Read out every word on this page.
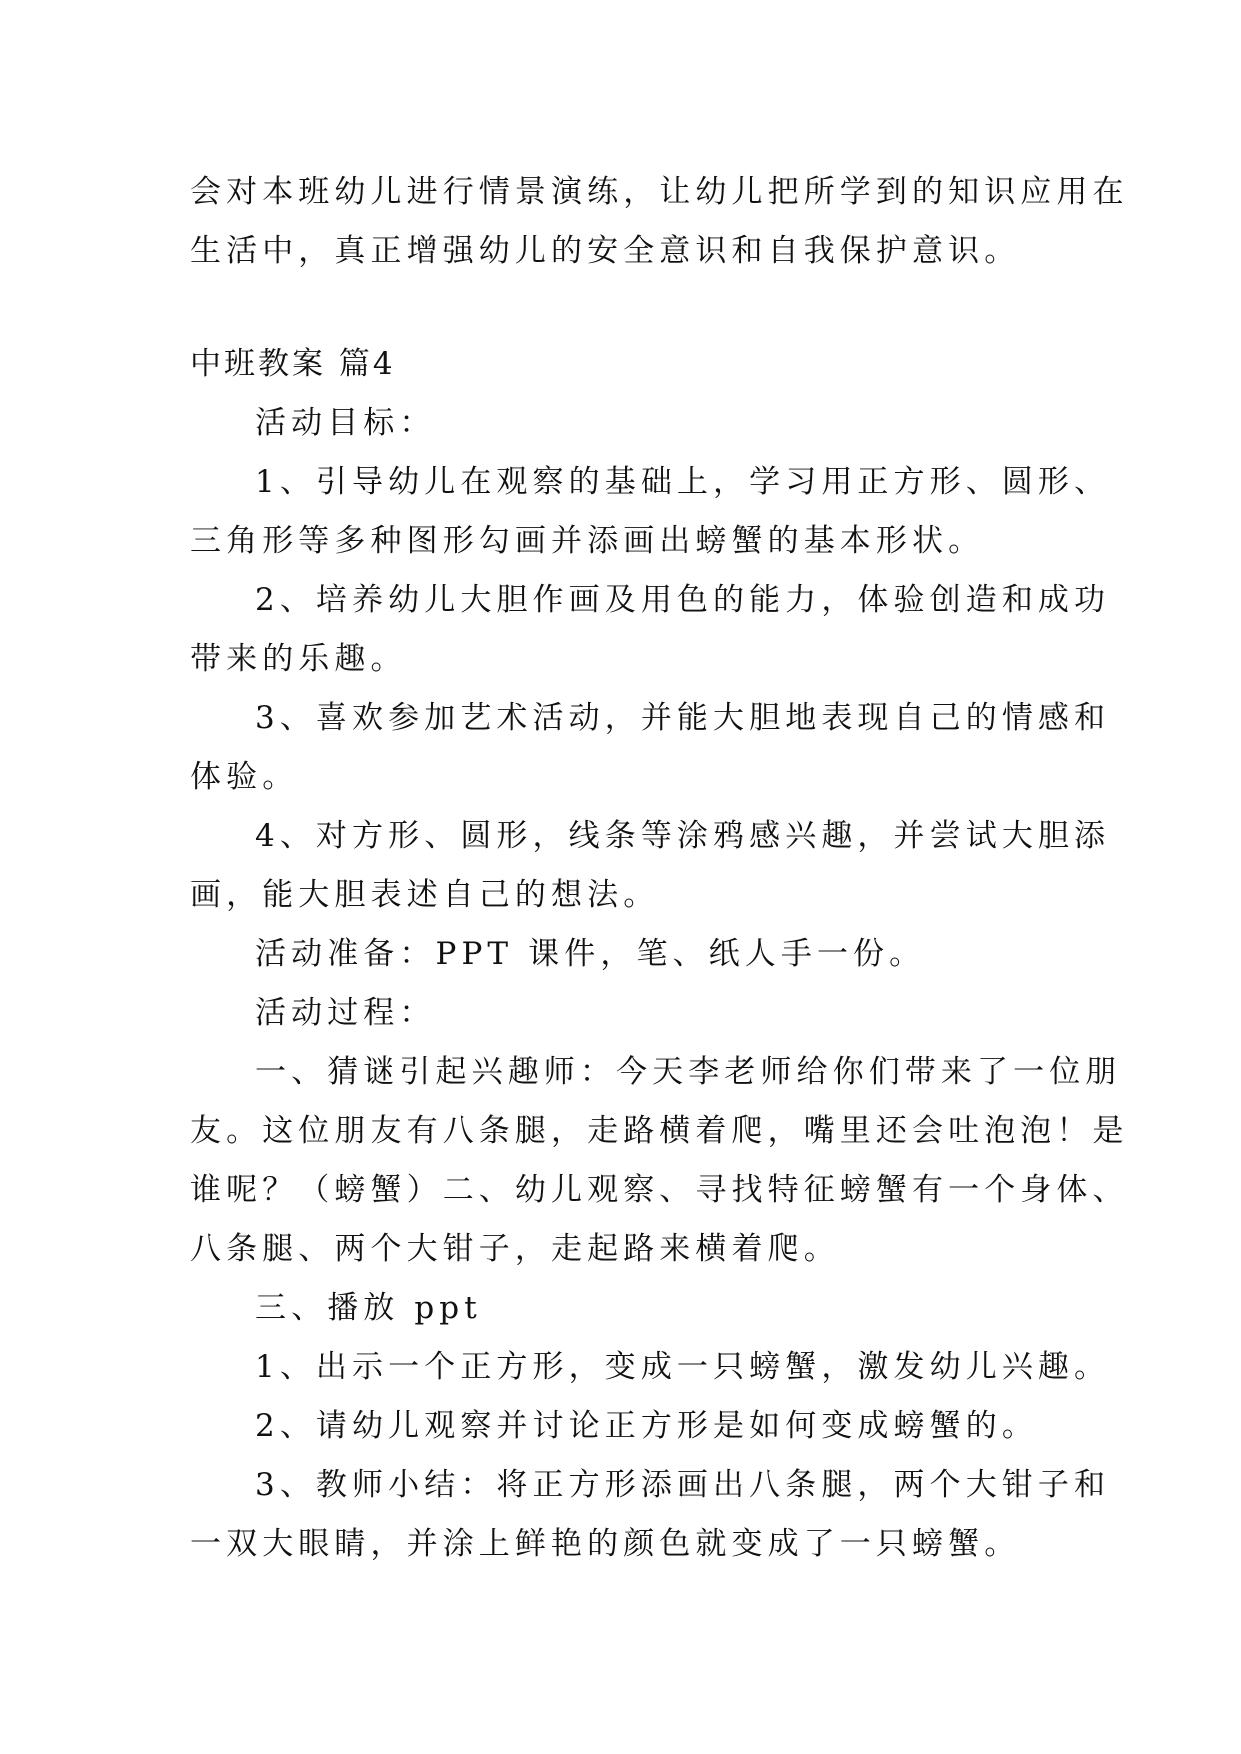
会对本班幼儿进行情景演练，让幼儿把所学到的知识应用在
生活中，真正增强幼儿的安全意识和自我保护意识。
中班教案 篇4
活动目标：
1、引导幼儿在观察的基础上，学习用正方形、圆形、
三角形等多种图形勾画并添画出螃蟹的基本形状。
2、培养幼儿大胆作画及用色的能力，体验创造和成功
带来的乐趣。
3、喜欢参加艺术活动，并能大胆地表现自己的情感和
体验。
4、对方形、圆形，线条等涂鸦感兴趣，并尝试大胆添
画，能大胆表述自己的想法。
活动准备：PPT 课件，笔、纸人手一份。
活动过程：
一、猜谜引起兴趣师：今天李老师给你们带来了一位朋
友。这位朋友有八条腿，走路横着爬，嘴里还会吐泡泡！是
谁呢？（螃蟹）二、幼儿观察、寻找特征螃蟹有一个身体、
八条腿、两个大钳子，走起路来横着爬。
三、播放 ppt
1、出示一个正方形，变成一只螃蟹，激发幼儿兴趣。
2、请幼儿观察并讨论正方形是如何变成螃蟹的。
3、教师小结：将正方形添画出八条腿，两个大钳子和
一双大眼睛，并涂上鲜艳的颜色就变成了一只螃蟹。
